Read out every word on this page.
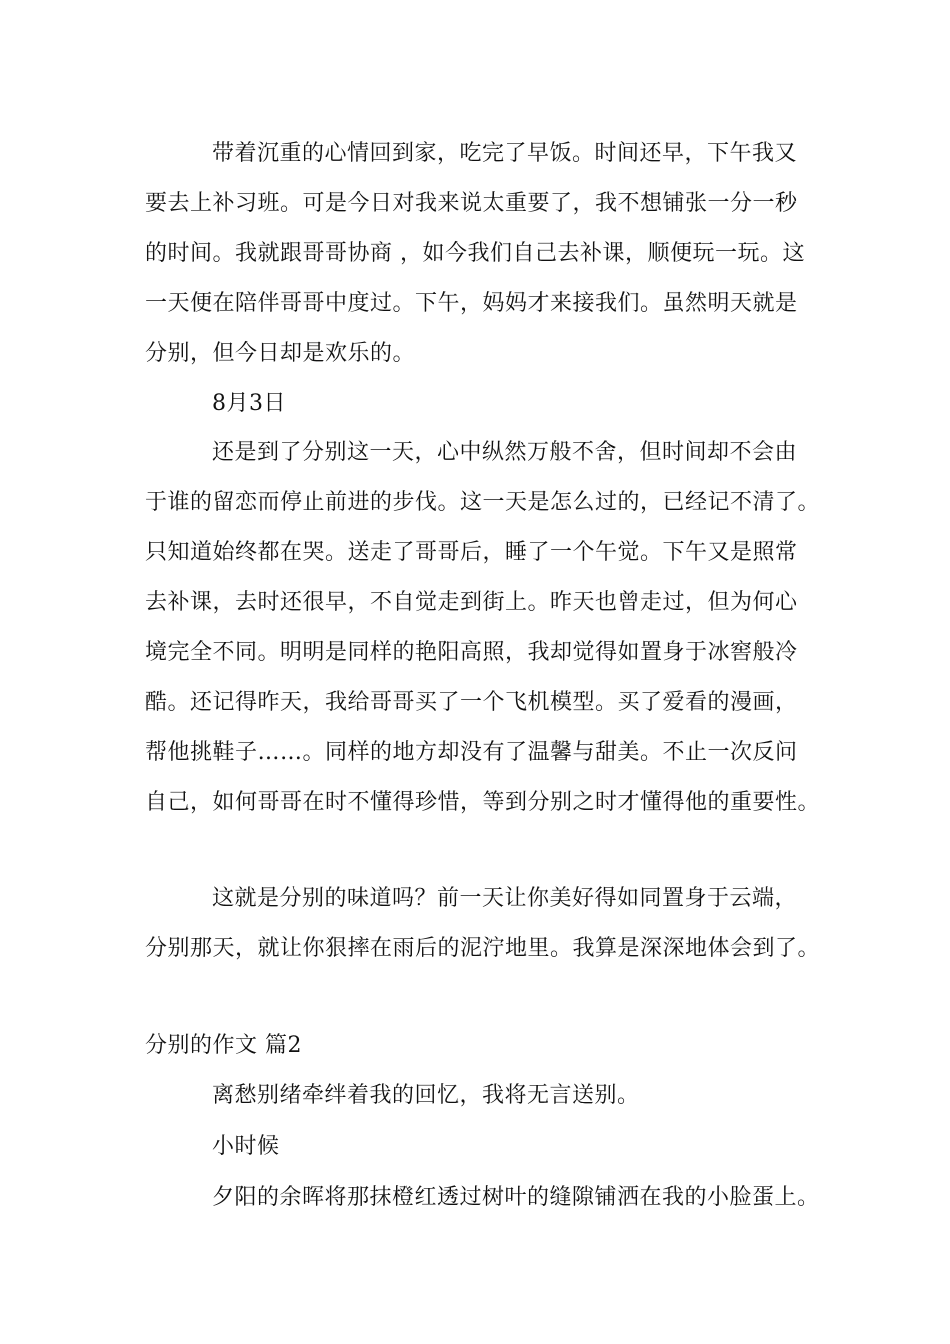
带着沉重的心情回到家，吃完了早饭。时间还早，下午我又
要去上补习班。可是今日对我来说太重要了，我不想铺张一分一秒
的时间。我就跟哥哥协商 ，如今我们自己去补课，顺便玩一玩。这
一天便在陪伴哥哥中度过。下午，妈妈才来接我们。虽然明天就是
分别，但今日却是欢乐的。
8月3日
还是到了分别这一天，心中纵然万般不舍，但时间却不会由
于谁的留恋而停止前进的步伐。这一天是怎么过的，已经记不清了。
只知道始终都在哭。送走了哥哥后，睡了一个午觉。下午又是照常
去补课，去时还很早，不自觉走到街上。昨天也曾走过，但为何心
境完全不同。明明是同样的艳阳高照，我却觉得如置身于冰窖般冷
酷。还记得昨天，我给哥哥买了一个飞机模型。买了爱看的漫画，
帮他挑鞋子……。同样的地方却没有了温馨与甜美。不止一次反问
自己，如何哥哥在时不懂得珍惜，等到分别之时才懂得他的重要性。
这就是分别的味道吗？前一天让你美好得如同置身于云端，
分别那天，就让你狠摔在雨后的泥泞地里。我算是深深地体会到了。
分别的作文 篇2
离愁别绪牵绊着我的回忆，我将无言送别。
小时候
夕阳的余晖将那抹橙红透过树叶的缝隙铺洒在我的小脸蛋上。
